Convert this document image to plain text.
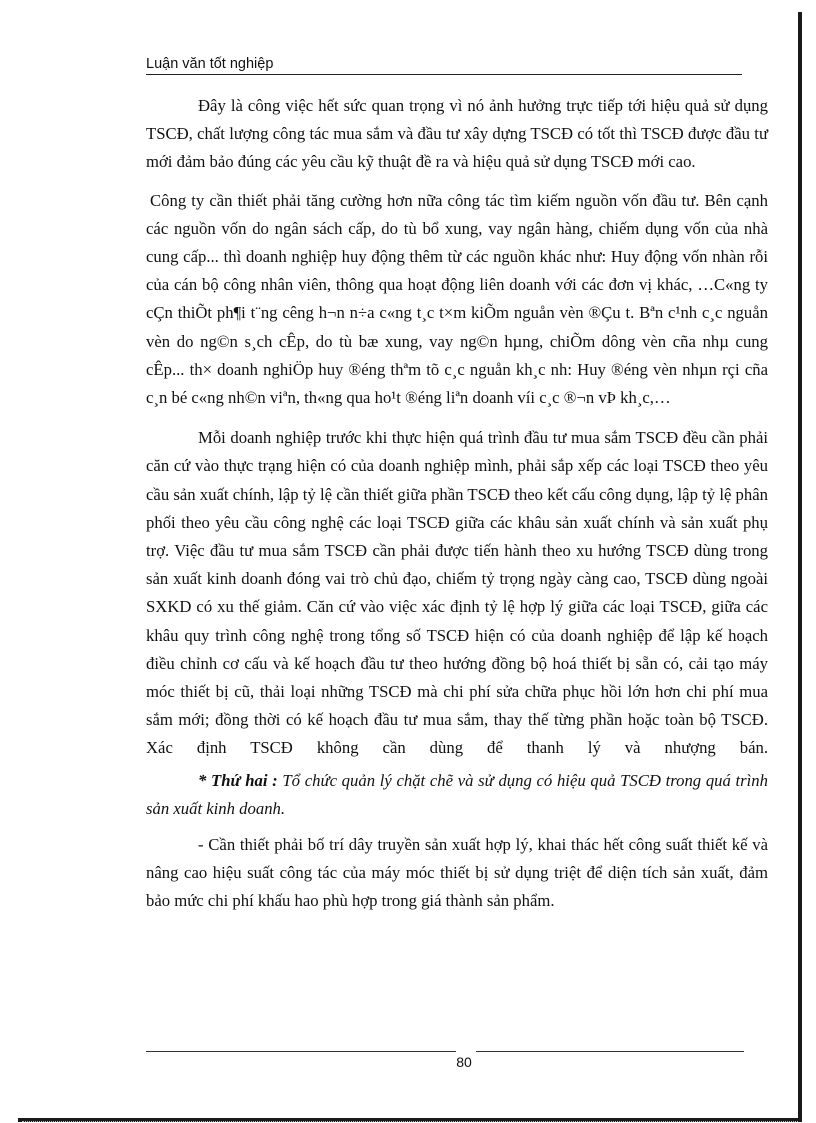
Luận văn tốt nghiệp

Đây là công việc hết sức quan trọng vì nó ảnh hưởng trực tiếp tới hiệu quả sử dụng TSCĐ, chất lượng công tác mua sắm và đầu tư xây dựng TSCĐ có tốt thì TSCĐ được đầu tư mới đảm bảo đúng các yêu cầu kỹ thuật đề ra và hiệu quả sử dụng TSCĐ mới cao.

Công ty cần thiết phải tăng cường hơn nữa công tác tìm kiếm nguồn vốn đầu tư. Bên cạnh các nguồn vốn do ngân sách cấp, do tù bổ xung, vay ngân hàng, chiếm dụng vốn của nhà cung cấp... thì doanh nghiệp huy động thêm từ các nguồn khác như: Huy động vốn nhàn rỗi của cán bộ công nhân viên, thông qua hoạt động liên doanh với các đơn vị khác, …C«ng ty cÇn thiÕt ph¶i t¨ng cêng h¬n n÷a c«ng t¸c t×m kiÕm nguån vèn ®Çu t. Bªn c¹nh c¸c nguån vèn do ng©n s¸ch cÊp, do tù bæ xung, vay ng©n hµng, chiÕm dông vèn cña nhµ cung cÊp... th× doanh nghiÖp huy ®éng thªm tõ c¸c nguån kh¸c nh: Huy ®éng vèn nhµn rçi cña c¸n bé c«ng nh©n viªn, th«ng qua ho¹t ®éng liªn doanh víi c¸c ®¬n vÞ kh¸c,…

Mỗi doanh nghiệp trước khi thực hiện quá trình đầu tư mua sắm TSCĐ đều cần phải căn cứ vào thực trạng hiện có của doanh nghiệp mình, phải sắp xếp các loại TSCĐ theo yêu cầu sản xuất chính, lập tỷ lệ cần thiết giữa phần TSCĐ theo kết cấu công dụng, lập tỷ lệ phân phối theo yêu cầu công nghệ các loại TSCĐ giữa các khâu sản xuất chính và sản xuất phụ trợ. Việc đầu tư mua sắm TSCĐ cần phải được tiến hành theo xu hướng TSCĐ dùng trong sản xuất kinh doanh đóng vai trò chủ đạo, chiếm tỷ trọng ngày càng cao, TSCĐ dùng ngoài SXKD có xu thế giảm. Căn cứ vào việc xác định tỷ lệ hợp lý giữa các loại TSCĐ, giữa các khâu quy trình công nghệ trong tổng số TSCĐ hiện có của doanh nghiệp để lập kế hoạch điều chỉnh cơ cấu và kế hoạch đầu tư theo hướng đồng bộ hoá thiết bị sẵn có, cải tạo máy móc thiết bị cũ, thải loại những TSCĐ mà chi phí sửa chữa phục hồi lớn hơn chi phí mua sắm mới; đồng thời có kế hoạch đầu tư mua sắm, thay thế từng phần hoặc toàn bộ TSCĐ. Xác định TSCĐ không cần dùng để thanh lý và nhượng bán.

* Thứ hai : Tổ chức quản lý chặt chẽ và sử dụng có hiệu quả TSCĐ trong quá trình sản xuất kinh doanh.

- Cần thiết phải bố trí dây truyền sản xuất hợp lý, khai thác hết công suất thiết kế và nâng cao hiệu suất công tác của máy móc thiết bị sử dụng triệt để diện tích sản xuất, đảm bảo mức chi phí khấu hao phù hợp trong giá thành sản phẩm.

80
